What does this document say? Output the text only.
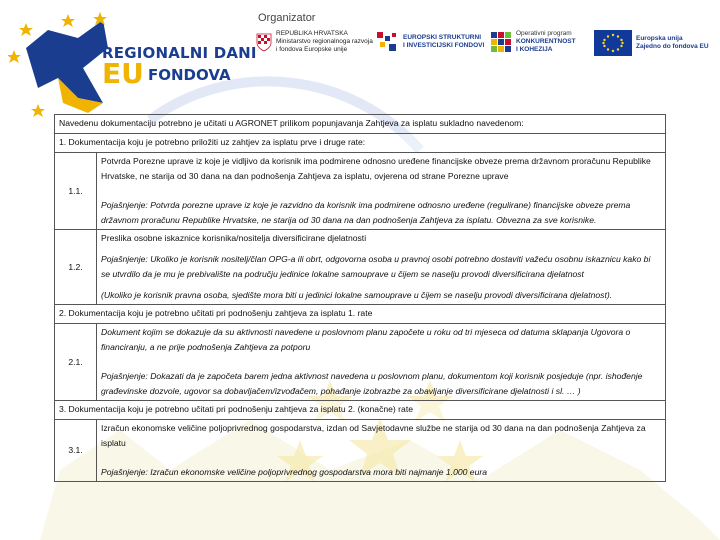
REGIONALNI DANI
EU FONDOVA
Organizator
REPUBLIKA HRVATSKA
Ministarstvo regionalnoga razvoja
i fondova Europske unije
EUROPSKI STRUKTURNI
I INVESTICIJSKI FONDOVI
Operativni program
KONKURENTNOST
I KOHEZIJA
Europska unija
Zajedno do fondova EU
Navedenu dokumentaciju potrebno je učitati u AGRONET prilikom popunjavanja Zahtjeva za isplatu sukladno navedenom:	
1. Dokumentacija koju je potrebno priložiti uz zahtjev za isplatu prve i druge rate:	
1.1.	Potvrda Porezne uprave iz koje je vidljivo da korisnik ima podmirene odnosno uređene financijske obveze prema državnom proračunu Republike Hrvatske, ne starija od 30 dana na dan podnošenja Zahtjeva za isplatu, ovjerena od strane Porezne uprave
Pojašnjenje: Potvrda porezne uprave iz koje je razvidno da korisnik ima podmirene odnosno uređene (regulirane) financijske obveze prema državnom proračunu Republike Hrvatske, ne starija od 30 dana na dan podnošenja Zahtjeva za isplatu. Obvezna za sve korisnike.

1.2.	Preslika osobne iskaznice korisnika/nositelja diversificirane djelatnosti
Pojašnjenje: Ukoliko je korisnik nositelj/član OPG-a ili obrt, odgovorna osoba u pravnoj osobi potrebno dostaviti važeću osobnu iskaznicu kako bi se utvrdilo da je mu je prebivalište na području jedinice lokalne samouprave u čijem se naselju provodi diversificirana djelatnost
(Ukoliko je korisnik pravna osoba, sjedište mora biti u jedinici lokalne samouprave u čijem se naselju provodi diversificirana djelatnost).

2. Dokumentacija koju je potrebno učitati pri podnošenju zahtjeva za isplatu 1. rate	
2.1.	Dokument kojim se dokazuje da su aktivnosti navedene u poslovnom planu započete u roku od tri mjeseca od datuma sklapanja Ugovora o financiranju, a ne prije podnošenja Zahtjeva za potporu
Pojašnjenje: Dokazati da je započeta barem jedna aktivnost navedena u poslovnom planu, dokumentom koji korisnik posjeduje (npr. ishođenje građevinske dozvole, ugovor sa dobavljačem/izvođačem, pohađanje izobrazbe za obavljanje diversificirane djelatnosti i sl. … )

3. Dokumentacija koju je potrebno učitati pri podnošenju zahtjeva za isplatu 2. (konačne) rate	
3.1.	Izračun ekonomske veličine poljoprivrednog gospodarstva, izdan od Savjetodavne službe ne starija od 30 dana na dan podnošenja Zahtjeva za isplatu
Pojašnjenje: Izračun ekonomske veličine poljoprivrednog gospodarstva mora biti najmanje 1.000 eura
